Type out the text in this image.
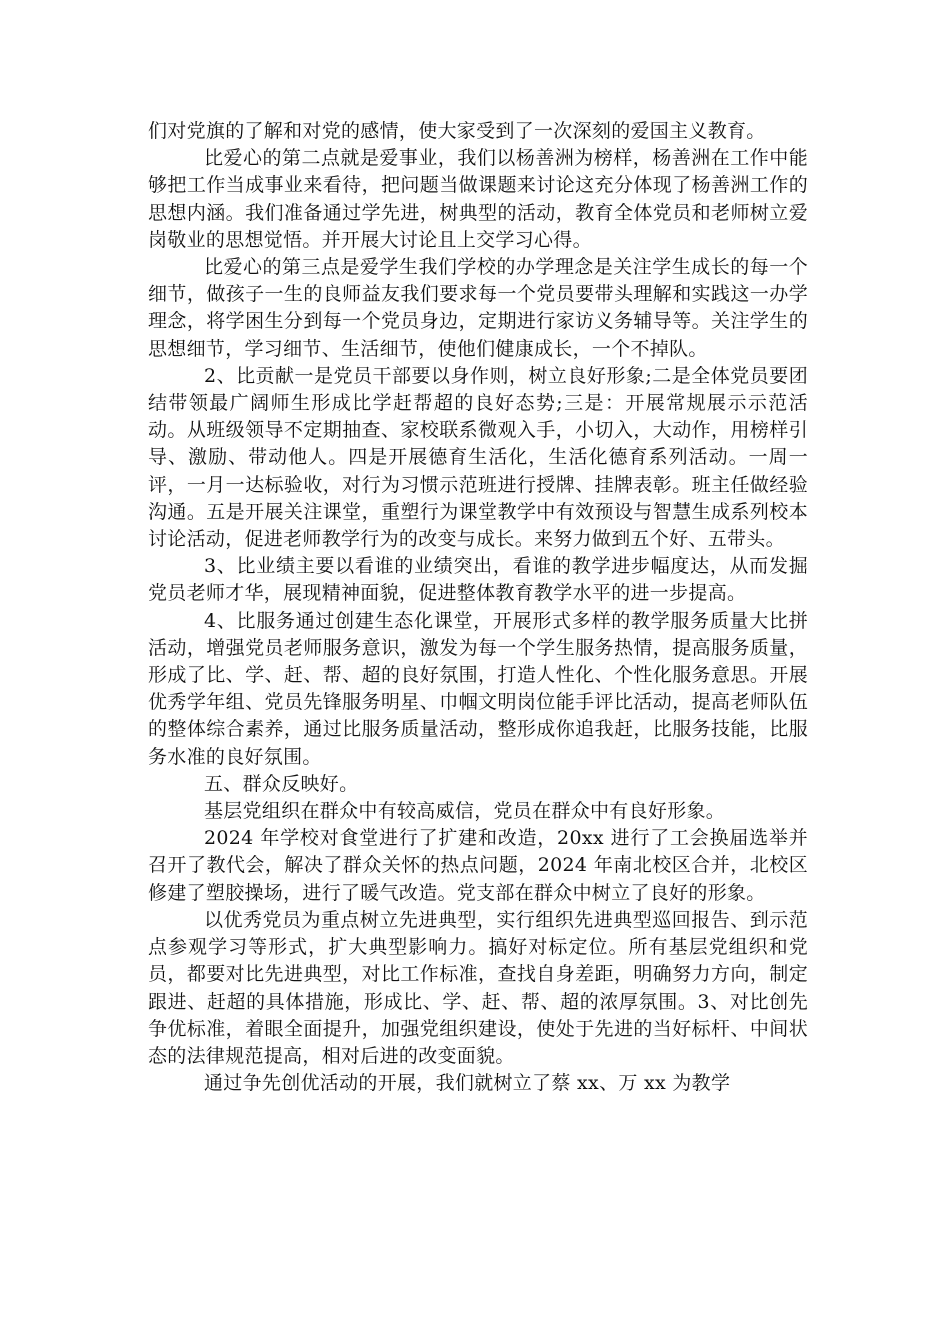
们对党旗的了解和对党的感情，使大家受到了一次深刻的爱国主义教育。

比爱心的第二点就是爱事业，我们以杨善洲为榜样，杨善洲在工作中能够把工作当成事业来看待，把问题当做课题来讨论这充分体现了杨善洲工作的思想内涵。我们准备通过学先进，树典型的活动，教育全体党员和老师树立爱岗敬业的思想觉悟。并开展大讨论且上交学习心得。

比爱心的第三点是爱学生我们学校的办学理念是关注学生成长的每一个细节，做孩子一生的良师益友我们要求每一个党员要带头理解和实践这一办学理念，将学困生分到每一个党员身边，定期进行家访义务辅导等。关注学生的思想细节，学习细节、生活细节，使他们健康成长，一个不掉队。

2、比贡献一是党员干部要以身作则，树立良好形象;二是全体党员要团结带领最广阔师生形成比学赶帮超的良好态势;三是：开展常规展示示范活动。从班级领导不定期抽查、家校联系微观入手，小切入，大动作，用榜样引导、激励、带动他人。四是开展德育生活化，生活化德育系列活动。一周一评，一月一达标验收，对行为习惯示范班进行授牌、挂牌表彰。班主任做经验沟通。五是开展关注课堂，重塑行为课堂教学中有效预设与智慧生成系列校本讨论活动，促进老师教学行为的改变与成长。来努力做到五个好、五带头。

3、比业绩主要以看谁的业绩突出，看谁的教学进步幅度达，从而发掘党员老师才华，展现精神面貌，促进整体教育教学水平的进一步提高。

4、比服务通过创建生态化课堂，开展形式多样的教学服务质量大比拼活动，增强党员老师服务意识，激发为每一个学生服务热情，提高服务质量，形成了比、学、赶、帮、超的良好氛围，打造人性化、个性化服务意思。开展优秀学年组、党员先锋服务明星、巾帼文明岗位能手评比活动，提高老师队伍的整体综合素养，通过比服务质量活动，整形成你追我赶，比服务技能，比服务水准的良好氛围。

五、群众反映好。

基层党组织在群众中有较高威信，党员在群众中有良好形象。

2024 年学校对食堂进行了扩建和改造，20xx 进行了工会换届选举并召开了教代会，解决了群众关怀的热点问题，2024 年南北校区合并，北校区修建了塑胶操场，进行了暖气改造。党支部在群众中树立了良好的形象。

以优秀党员为重点树立先进典型，实行组织先进典型巡回报告、到示范点参观学习等形式，扩大典型影响力。搞好对标定位。所有基层党组织和党员，都要对比先进典型，对比工作标准，查找自身差距，明确努力方向，制定跟进、赶超的具体措施，形成比、学、赶、帮、超的浓厚氛围。3、对比创先争优标准，着眼全面提升，加强党组织建设，使处于先进的当好标杆、中间状态的法律规范提高，相对后进的改变面貌。

通过争先创优活动的开展，我们就树立了蔡 xx、万 xx 为教学
